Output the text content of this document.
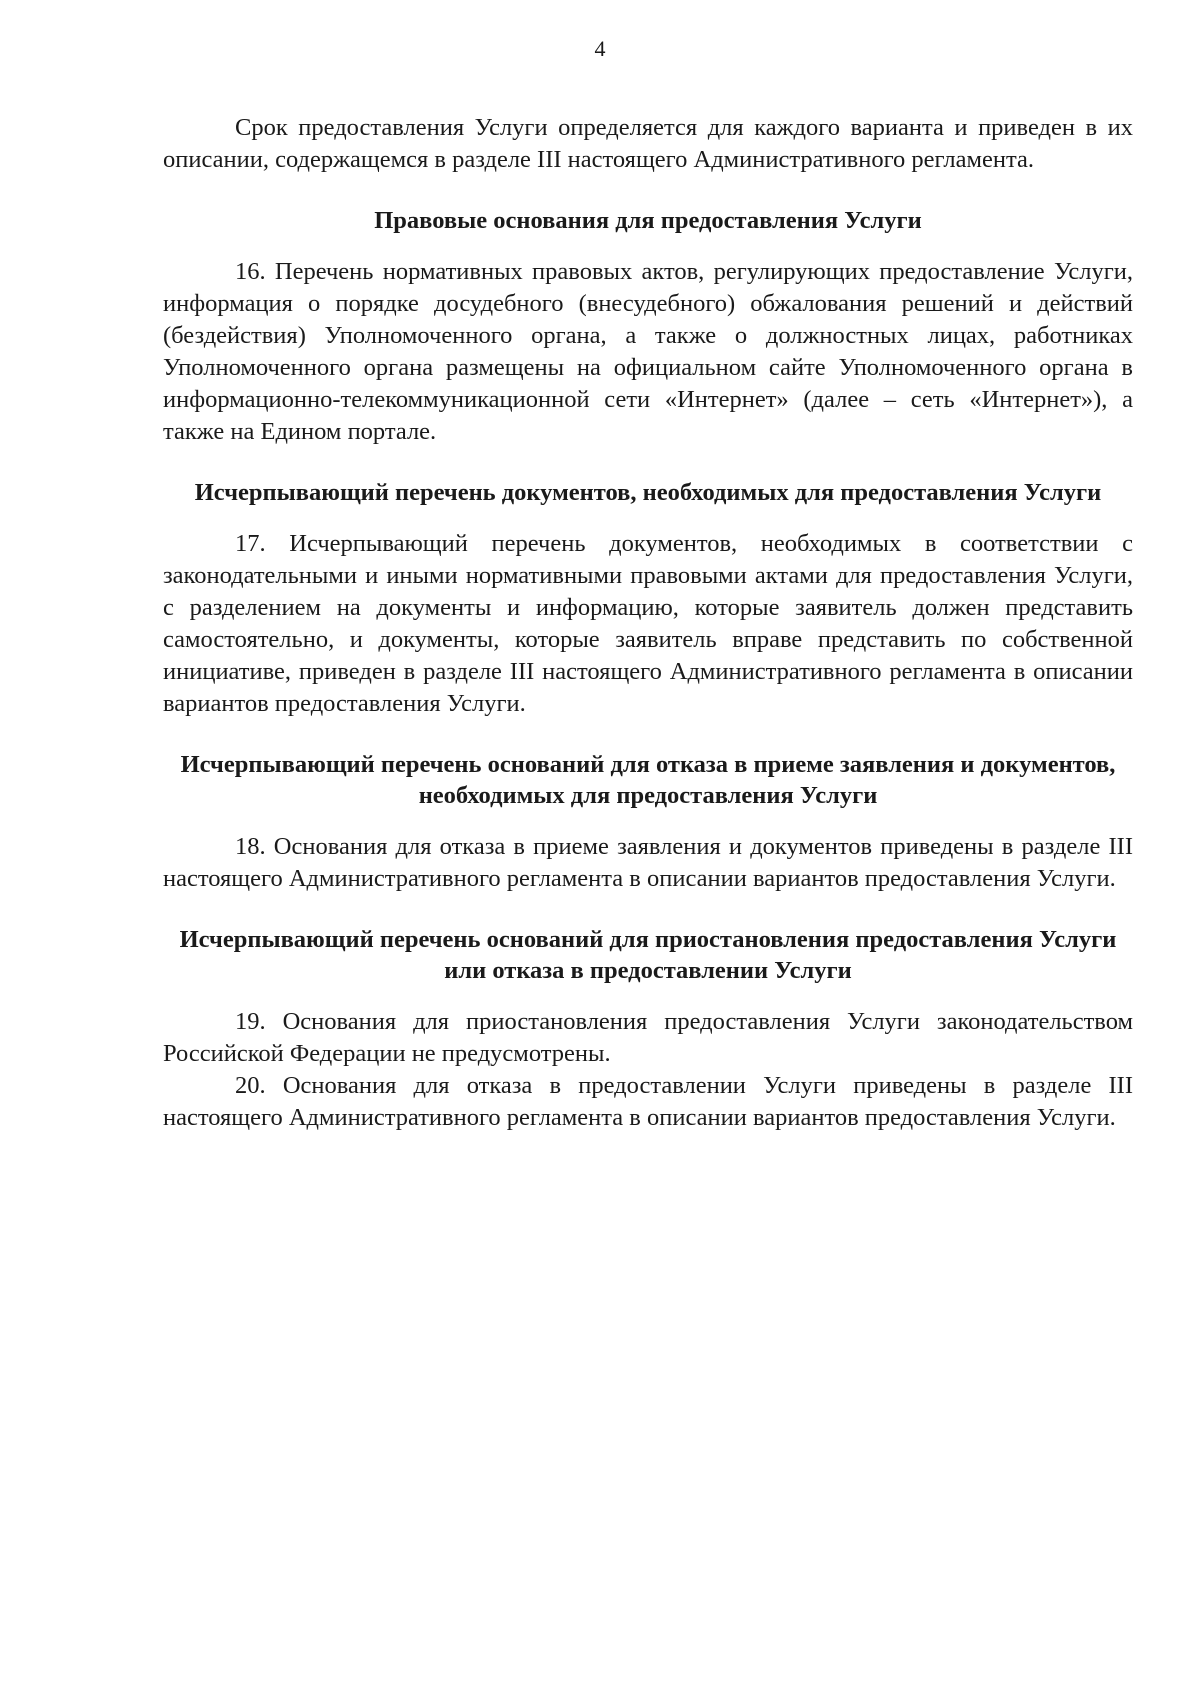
4

Срок предоставления Услуги определяется для каждого варианта и приведен в их описании, содержащемся в разделе III настоящего Административного регламента.

Правовые основания для предоставления Услуги

16. Перечень нормативных правовых актов, регулирующих предоставление Услуги, информация о порядке досудебного (внесудебного) обжалования решений и действий (бездействия) Уполномоченного органа, а также о должностных лицах, работниках Уполномоченного органа размещены на официальном сайте Уполномоченного органа в информационно-телекоммуникационной сети «Интернет» (далее – сеть «Интернет»), а также на Едином портале.

Исчерпывающий перечень документов, необходимых для предоставления Услуги

17. Исчерпывающий перечень документов, необходимых в соответствии с законодательными и иными нормативными правовыми актами для предоставления Услуги, с разделением на документы и информацию, которые заявитель должен представить самостоятельно, и документы, которые заявитель вправе представить по собственной инициативе, приведен в разделе III настоящего Административного регламента в описании вариантов предоставления Услуги.

Исчерпывающий перечень оснований для отказа в приеме заявления и документов, необходимых для предоставления Услуги

18. Основания для отказа в приеме заявления и документов приведены в разделе III настоящего Административного регламента в описании вариантов предоставления Услуги.

Исчерпывающий перечень оснований для приостановления предоставления Услуги или отказа в предоставлении Услуги

19. Основания для приостановления предоставления Услуги законодательством Российской Федерации не предусмотрены.

20. Основания для отказа в предоставлении Услуги приведены в разделе III настоящего Административного регламента в описании вариантов предоставления Услуги.
